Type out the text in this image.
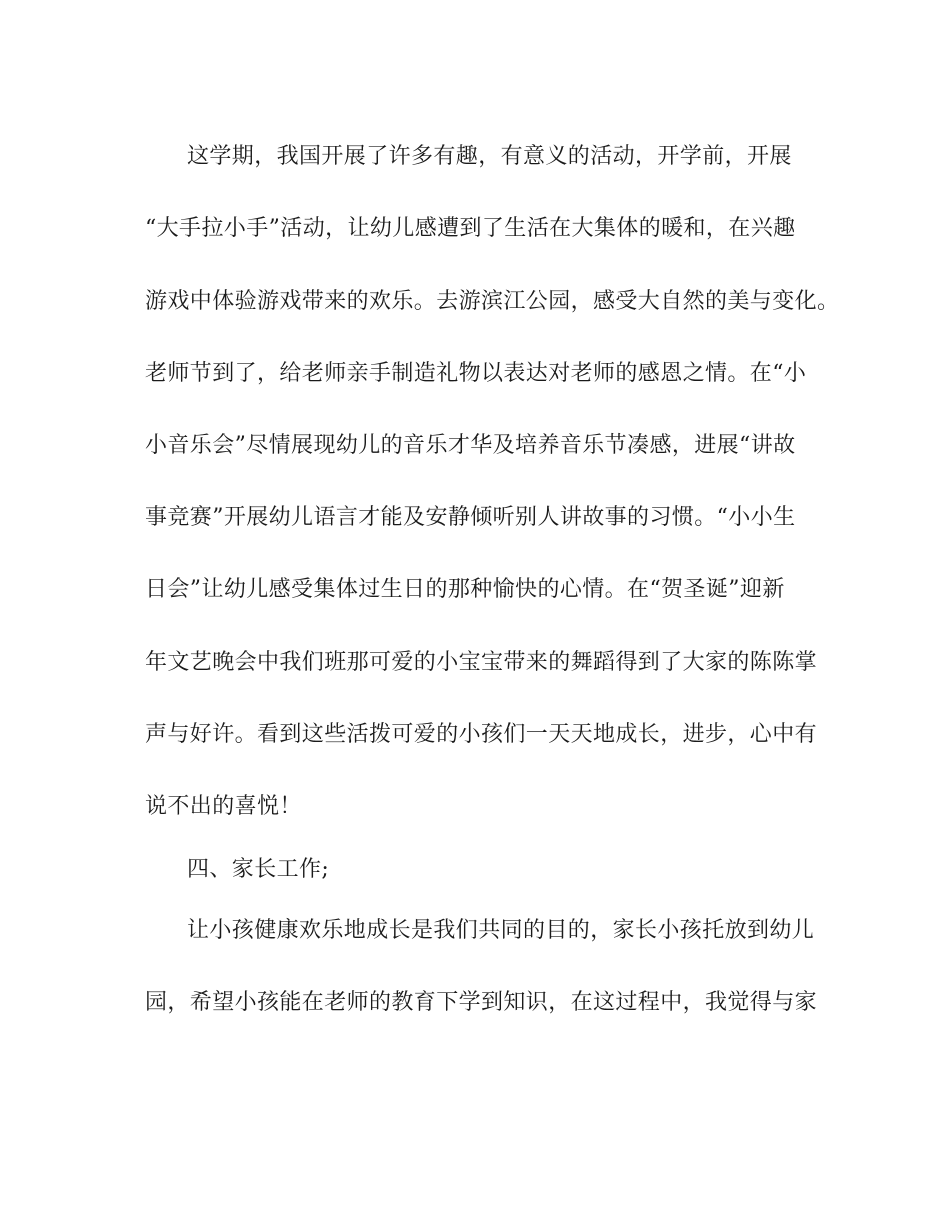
这学期，我国开展了许多有趣，有意义的活动，开学前，开展
“大手拉小手”活动，让幼儿感遭到了生活在大集体的暖和，在兴趣
游戏中体验游戏带来的欢乐。去游滨江公园，感受大自然的美与变化。
老师节到了，给老师亲手制造礼物以表达对老师的感恩之情。在“小
小音乐会”尽情展现幼儿的音乐才华及培养音乐节凑感，进展“讲故
事竞赛”开展幼儿语言才能及安静倾听别人讲故事的习惯。“小小生
日会”让幼儿感受集体过生日的那种愉快的心情。在“贺圣诞”迎新
年文艺晚会中我们班那可爱的小宝宝带来的舞蹈得到了大家的陈陈掌
声与好许。看到这些活拨可爱的小孩们一天天地成长，进步，心中有
说不出的喜悦！
四、家长工作;
让小孩健康欢乐地成长是我们共同的目的，家长小孩托放到幼儿
园，希望小孩能在老师的教育下学到知识，在这过程中，我觉得与家
